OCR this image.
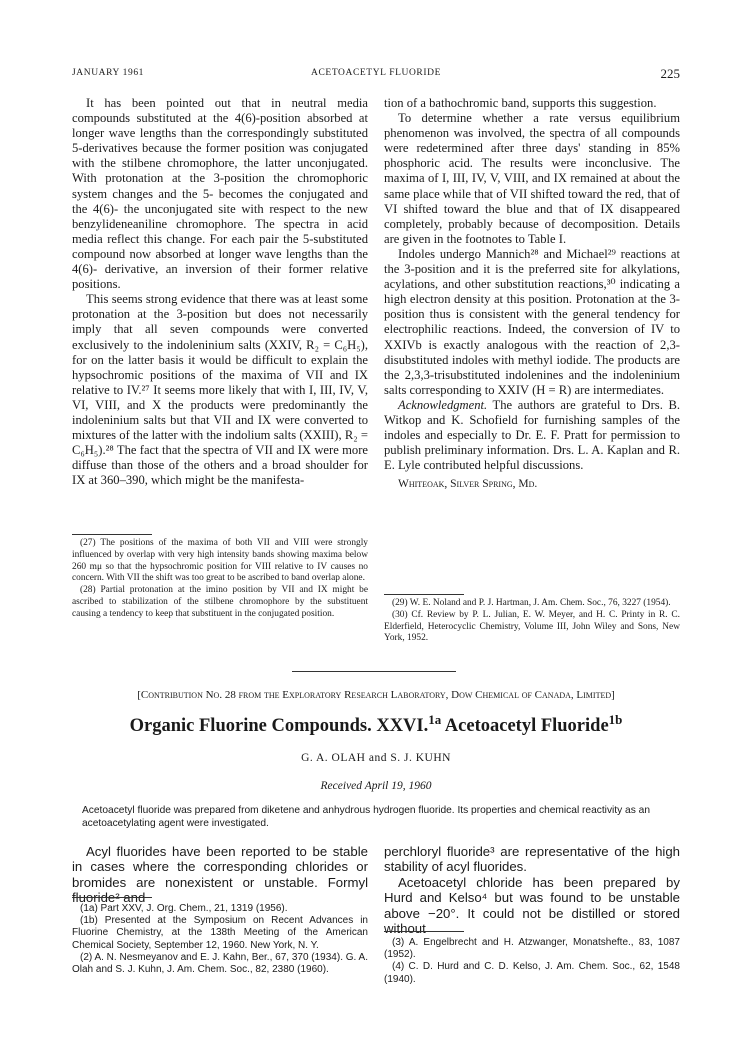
JANUARY 1961	ACETOACETYL FLUORIDE	225

It has been pointed out that in neutral media compounds substituted at the 4(6)-position absorbed at longer wave lengths than the correspondingly substituted 5-derivatives because the former position was conjugated with the stilbene chromophore, the latter unconjugated. With protonation at the 3-position the chromophoric system changes and the 5- becomes the conjugated and the 4(6)- the unconjugated site with respect to the new benzylideneaniline chromophore. The spectra in acid media reflect this change. For each pair the 5-substituted compound now absorbed at longer wave lengths than the 4(6)- derivative, an inversion of their former relative positions.

This seems strong evidence that there was at least some protonation at the 3-position but does not necessarily imply that all seven compounds were converted exclusively to the indoleninium salts (XXIV, R₂ = C₆H₅), for on the latter basis it would be difficult to explain the hypsochromic positions of the maxima of VII and IX relative to IV.²⁷ It seems more likely that with I, III, IV, V, VI, VIII, and X the products were predominantly the indoleninium salts but that VII and IX were converted to mixtures of the latter with the indolium salts (XXIII), R₂ = C₆H₅).²⁸ The fact that the spectra of VII and IX were more diffuse than those of the others and a broad shoulder for IX at 360–390, which might be the manifesta-

(27) The positions of the maxima of both VII and VIII were strongly influenced by overlap with very high intensity bands showing maxima below 260 mμ so that the hypsochromic position for VIII relative to IV causes no concern. With VII the shift was too great to be ascribed to band overlap alone.

(28) Partial protonation at the imino position by VII and IX might be ascribed to stabilization of the stilbene chromophore by the substituent causing a tendency to keep that substituent in the conjugated position.

tion of a bathochromic band, supports this suggestion.

To determine whether a rate versus equilibrium phenomenon was involved, the spectra of all compounds were redetermined after three days' standing in 85% phosphoric acid. The results were inconclusive. The maxima of I, III, IV, V, VIII, and IX remained at about the same place while that of VII shifted toward the red, that of VI shifted toward the blue and that of IX disappeared completely, probably because of decomposition. Details are given in the footnotes to Table I.

Indoles undergo Mannich²⁸ and Michael²⁹ reactions at the 3-position and it is the preferred site for alkylations, acylations, and other substitution reactions,³⁰ indicating a high electron density at this position. Protonation at the 3-position thus is consistent with the general tendency for electrophilic reactions. Indeed, the conversion of IV to XXIVb is exactly analogous with the reaction of 2,3-disubstituted indoles with methyl iodide. The products are the 2,3,3-trisubstituted indolenines and the indoleninium salts corresponding to XXIV (H = R) are intermediates.

Acknowledgment. The authors are grateful to Drs. B. Witkop and K. Schofield for furnishing samples of the indoles and especially to Dr. E. F. Pratt for permission to publish preliminary information. Drs. L. A. Kaplan and R. E. Lyle contributed helpful discussions.

Whiteoak, Silver Spring, Md.

(29) W. E. Noland and P. J. Hartman, J. Am. Chem. Soc., 76, 3227 (1954).

(30) Cf. Review by P. L. Julian, E. W. Meyer, and H. C. Printy in R. C. Elderfield, Heterocyclic Chemistry, Volume III, John Wiley and Sons, New York, 1952.

[Contribution No. 28 from the Exploratory Research Laboratory, Dow Chemical of Canada, Limited]
Organic Fluorine Compounds. XXVI.$^{1a}$ Acetoacetyl Fluoride$^{1b}$
G. A. OLAH and S. J. KUHN
Received April 19, 1960
Acetoacetyl fluoride was prepared from diketene and anhydrous hydrogen fluoride. Its properties and chemical reactivity as an acetoacetylating agent were investigated.

Acyl fluorides have been reported to be stable in cases where the corresponding chlorides or bromides are nonexistent or unstable. Formyl fluoride² and

(1a) Part XXV, J. Org. Chem., 21, 1319 (1956).

(1b) Presented at the Symposium on Recent Advances in Fluorine Chemistry, at the 138th Meeting of the American Chemical Society, September 12, 1960. New York, N. Y.

(2) A. N. Nesmeyanov and E. J. Kahn, Ber., 67, 370 (1934). G. A. Olah and S. J. Kuhn, J. Am. Chem. Soc., 82, 2380 (1960).

perchloryl fluoride³ are representative of the high stability of acyl fluorides.

Acetoacetyl chloride has been prepared by Hurd and Kelso⁴ but was found to be unstable above −20°. It could not be distilled or stored without

(3) A. Engelbrecht and H. Atzwanger, Monatshefte., 83, 1087 (1952).

(4) C. D. Hurd and C. D. Kelso, J. Am. Chem. Soc., 62, 1548 (1940).
